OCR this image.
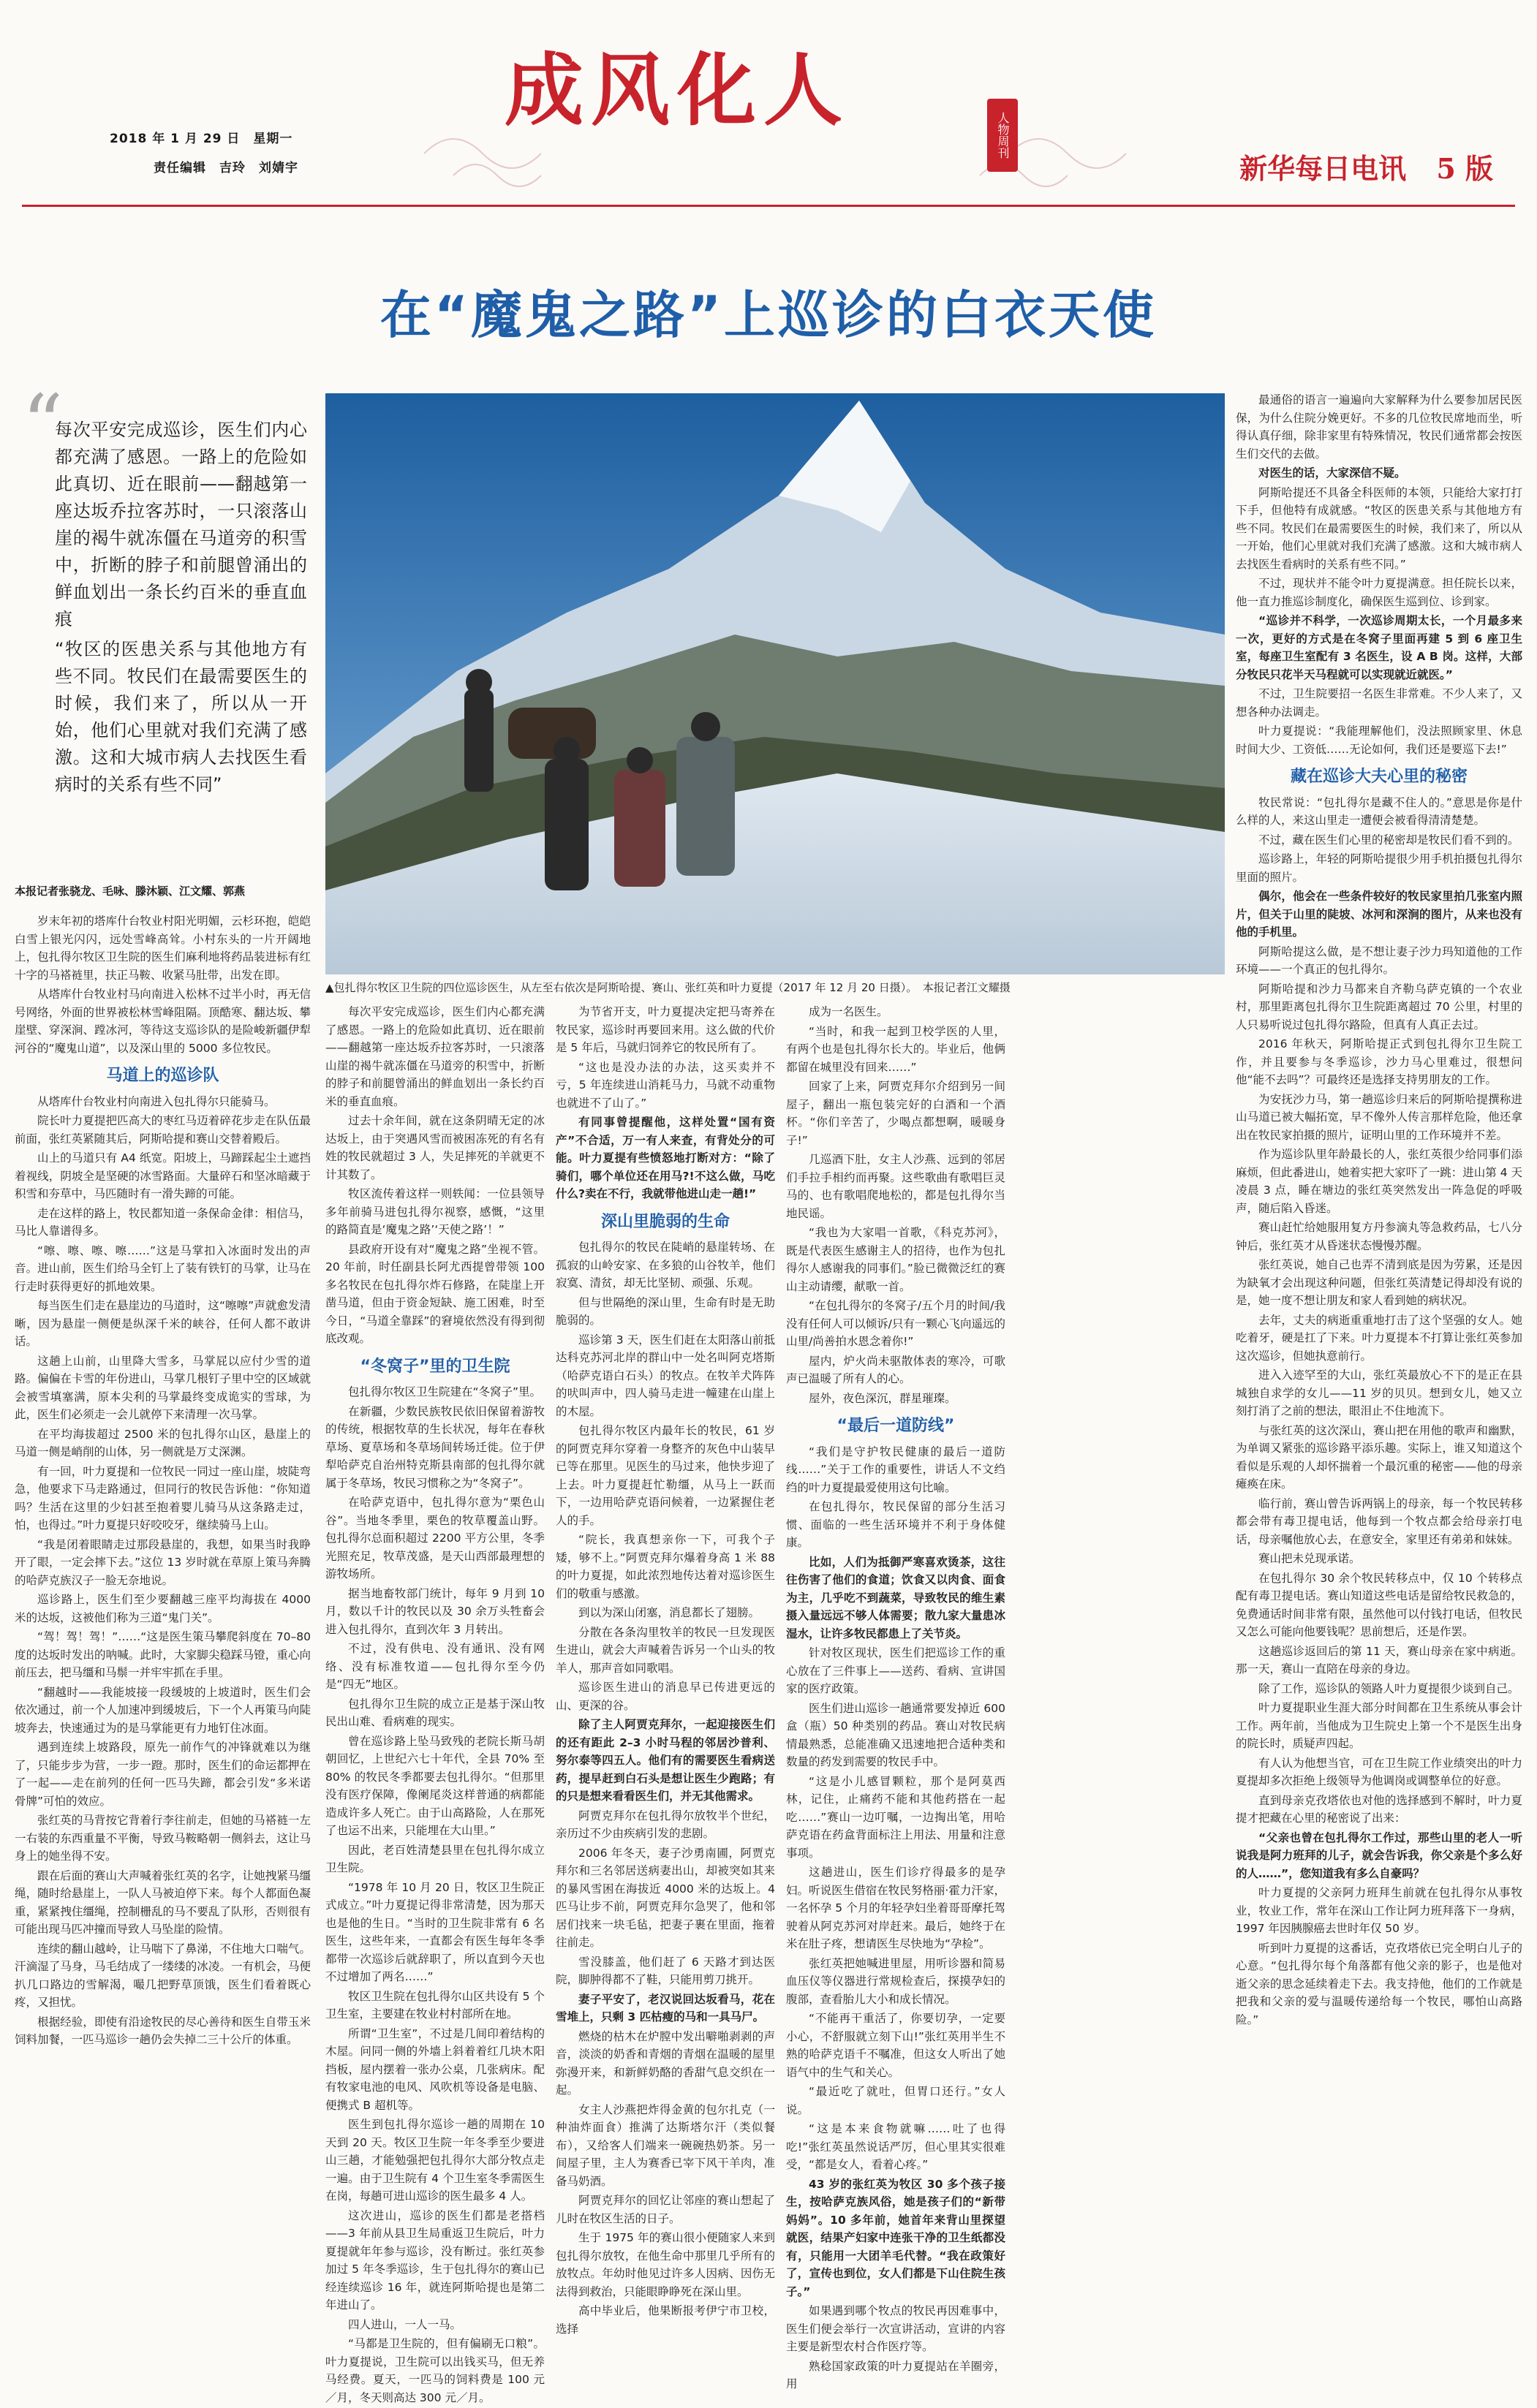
成风化人	人物周刊
2018 年 1 月 29 日　星期一
责任编辑　吉玲　刘婧宇	新华每日电讯 5 版
在“魔鬼之路”上巡诊的白衣天使
“

每次平安完成巡诊，医生们内心都充满了感恩。一路上的危险如此真切、近在眼前——翻越第一座达坂乔拉客苏时，一只滚落山崖的褐牛就冻僵在马道旁的积雪中，折断的脖子和前腿曾涌出的鲜血划出一条长约百米的垂直血痕

“牧区的医患关系与其他地方有些不同。牧民们在最需要医生的时候，我们来了，所以从一开始，他们心里就对我们充满了感激。这和大城市病人去找医生看病时的关系有些不同”

本报记者张骁龙、毛咏、滕沐颖、江文耀、郭燕
▲包扎得尔牧区卫生院的四位巡诊医生，从左至右依次是阿斯哈提、赛山、张红英和叶力夏提（2017 年 12 月 20 日摄）。　本报记者江文耀摄

岁末年初的塔库什台牧业村阳光明媚，云杉环抱，皑皑白雪上银光闪闪，远处雪峰高耸。小村东头的一片开阔地上，包扎得尔牧区卫生院的医生们麻利地将药品装进标有红十字的马褡裢里，扶正马鞍、收紧马肚带，出发在即。

从塔库什台牧业村马向南进入松林不过半小时，再无信号网络，外面的世界被松林雪峰阻隔。顶酷寒、翻达坂、攀崖壁、穿深涧、蹚冰河，等待这支巡诊队的是险峻新疆伊犁河谷的“魔鬼山道”，以及深山里的 5000 多位牧民。

马道上的巡诊队

从塔库什台牧业村向南进入包扎得尔只能骑马。

院长叶力夏提把匹高大的枣红马迈着碎花步走在队伍最前面，张红英紧随其后，阿斯哈提和赛山交替着殿后。

山上的马道只有 A4 纸宽。阳坡上，马蹄踩起尘土遮挡着视线，阴坡全是坚硬的冰雪路面。大量碎石和坚冰暗藏于积雪和夯草中，马匹随时有一滑失蹄的可能。

走在这样的路上，牧民都知道一条保命金律：相信马，马比人靠谱得多。

“嚓、嚓、嚓、嚓……”这是马掌扣入冰面时发出的声音。进山前，医生们给马全钉上了装有铁钉的马掌，让马在行走时获得更好的抓地效果。

每当医生们走在悬崖边的马道时，这“嚓嚓”声就愈发清晰，因为悬崖一侧便是纵深千米的峡谷，任何人都不敢讲话。

这趟上山前，山里降大雪多，马掌屁以应付少雪的道路。偏偏在卡雪的年份进山，马掌几根钉子里中空的区域就会被雪填塞满，原本尖利的马掌最终变成诡实的雪球，为此，医生们必须走一会儿就停下来清理一次马掌。

在平均海拔超过 2500 米的包扎得尔山区，悬崖上的马道一侧是峭削的山体，另一侧就是万丈深渊。

有一回，叶力夏提和一位牧民一同过一座山崖，坡陡弯急，他要求下马走路通过，但同行的牧民告诉他：“你知道吗？生活在这里的少妇甚至抱着婴儿骑马从这条路走过，怕，也得过。”叶力夏提只好咬咬牙，继续骑马上山。

“我是闭着眼睛走过那段悬崖的，我想，如果当时我睁开了眼，一定会摔下去。”这位 13 岁时就在草原上策马奔腾的哈萨克族汉子一脸无奈地说。

巡诊路上，医生们至少要翻越三座平均海拔在 4000 米的达坂，这被他们称为三道“鬼门关”。

“驾！驾！驾！”……“这是医生策马攀爬斜度在 70–80 度的达坂时发出的呐喊。此时，大家脚尖稳踩马镫，重心向前压去，把马缰和马鬃一并牢牢抓在手里。

“翻越时——我能坡接一段缓坡的上坡道时，医生们会依次通过，前一个人加速冲到缓坡后，下一个人再策马向陡坡奔去，快速通过为的是马掌能更有力地钉住冰面。

遇到连续上坡路段，原先一前作气的冲锋就难以为继了，只能步步为营，一步一蹬。那时，医生们的命运都押在了一起——走在前列的任何一匹马失蹄，都会引发“多米诺骨牌”可怕的效应。

张红英的马背按它背着行李往前走，但她的马褡裢一左一右装的东西重量不平衡，导致马鞍略朝一侧斜去，这让马身上的她坐得不安。

跟在后面的赛山大声喊着张红英的名字，让她拽紧马缰绳，随时给悬崖上，一队人马被迫停下来。每个人都面色凝重，紧紧拽住缰绳，控制栅乱的马不要乱了队形，否则很有可能出现马匹冲撞而导致人马坠崖的险情。

连续的翻山越岭，让马喘下了鼻涕，不住地大口喘气。汗滴湿了马身，马毛结成了一缕缕的冰凌。一有机会，马便扒几口路边的雪解渴，嘬几把野草顶饿，医生们看着既心疼，又担忧。

根据经验，即使有沿途牧民的尽心善待和医生自带玉米饲料加餐，一匹马巡诊一趟仍会失掉二三十公斤的体重。

每次平安完成巡诊，医生们内心都充满了感恩。一路上的危险如此真切、近在眼前——翻越第一座达坂乔拉客苏时，一只滚落山崖的褐牛就冻僵在马道旁的积雪中，折断的脖子和前腿曾涌出的鲜血划出一条长约百米的垂直血痕。

过去十余年间，就在这条阴晴无定的冰达坂上，由于突遇风雪而被困冻死的有名有姓的牧民就超过 3 人，失足摔死的羊就更不计其数了。

牧区流传着这样一则轶闻：一位县领导多年前骑马进包扎得尔视察，感慨，“这里的路简直是‘魔鬼之路’‘天使之路’！”

县政府开设有对“魔鬼之路”坐视不管。20 年前，时任副县长阿尤西提曾带领 100 多名牧民在包扎得尔炸石修路，在陡崖上开凿马道，但由于资金短缺、施工困难，时至今日，“马道全靠踩”的窘境依然没有得到彻底改观。

“冬窝子”里的卫生院

包扎得尔牧区卫生院建在“冬窝子”里。

在新疆，少数民族牧民依旧保留着游牧的传统，根据牧草的生长状况，每年在春秋草场、夏草场和冬草场间转场迁徙。位于伊犁哈萨克自治州特克斯县南部的包扎得尔就属于冬草场，牧民习惯称之为“冬窝子”。

在哈萨克语中，包扎得尔意为“栗色山谷”。当地冬季里，栗色的牧草覆盖山野。包扎得尔总面积超过 2200 平方公里，冬季光照充足，牧草茂盛，是天山西部最理想的游牧场所。

据当地畜牧部门统计，每年 9 月到 10 月，数以千计的牧民以及 30 余万头牲畜会进入包扎得尔，直到次年 3 月转出。

不过，没有供电、没有通讯、没有网络、没有标准牧道——包扎得尔至今仍是“四无”地区。

包扎得尔卫生院的成立正是基于深山牧民出山难、看病难的现实。

曾在巡诊路上坠马致残的老院长斯马胡朝回忆，上世纪六七十年代，全县 70% 至 80% 的牧民冬季都要去包扎得尔。“但那里没有医疗保障，像阑尾炎这样普通的病都能造成许多人死亡。由于山高路险，人在那死了也运不出来，只能埋在大山里。”

因此，老百姓清楚县里在包扎得尔成立卫生院。

“1978 年 10 月 20 日，牧区卫生院正式成立。”叶力夏提记得非常清楚，因为那天也是他的生日。“当时的卫生院非常有 6 名医生，这些年来，一直都会有医生每年冬季都带一次巡诊后就辞职了，所以直到今天也不过增加了两名……”

牧区卫生院在包扎得尔山区共设有 5 个卫生室，主要建在牧业村村部所在地。

所谓“卫生室”，不过是几间印着结构的木屋。问同一侧的外墙上斜着着红几块木阳挡板，屋内摆着一张办公桌，几张病床。配有牧家电池的电风、风吹机等设备是电脑、便携式 B 超机等。

医生到包扎得尔巡诊一趟的周期在 10 天到 20 天。牧区卫生院一年冬季至少要进山三趟，才能勉强把包扎得尔大部分牧点走一遍。由于卫生院有 4 个卫生室冬季需医生在岗，每趟可进山巡诊的医生最多 4 人。

这次进山，巡诊的医生们都是老搭档——3 年前从县卫生局重返卫生院后，叶力夏提就年年参与巡诊，没有断过。张红英参加过 5 年冬季巡诊，生于包扎得尔的赛山已经连续巡诊 16 年，就连阿斯哈提也是第二年进山了。

四人进山，一人一马。

“马都是卫生院的，但有偏刷无口粮”。叶力夏提说，卫生院可以出钱买马，但无养马经费。夏天，一匹马的饲料费是 100 元／月，冬天则高达 300 元／月。

为节省开支，叶力夏提决定把马寄养在牧民家，巡诊时再要回来用。这么做的代价是 5 年后，马就归饲养它的牧民所有了。

“这也是没办法的办法，这买卖并不亏，5 年连续进山消耗马力，马就不动重物也就进不了山了。”

有同事曾提醒他，这样处置“国有资产”不合适，万一有人来查，有背处分的可能。叶力夏提有些愤怒地打断对方：“除了骑们，哪个单位还在用马?!不这么做，马吃什么?卖在不行，我就带他进山走一趟!”

深山里脆弱的生命

包扎得尔的牧民在陡峭的悬崖转场、在孤寂的山岭安家、在多狼的山谷牧羊，他们寂寞、清贫，却无比坚韧、顽强、乐观。

但与世隔绝的深山里，生命有时是无助脆弱的。

巡诊第 3 天，医生们赶在太阳落山前抵达科克苏河北岸的群山中一处名叫阿克塔斯（哈萨克语白石头）的牧点。在牧羊犬阵阵的吠叫声中，四人骑马走进一幢建在山崖上的木屋。

包扎得尔牧区内最年长的牧民，61 岁的阿贾克拜尔穿着一身整齐的灰色中山装早已等在那里。见医生的马过来，他快步迎了上去。叶力夏提赶忙勒缰，从马上一跃而下，一边用哈萨克语问候着，一边紧握住老人的手。

“院长，我真想亲你一下，可我个子矮，够不上。”阿贾克拜尔爆着身高 1 米 88 的叶力夏提，如此浓烈地传达着对巡诊医生们的敬重与感激。

到以为深山闭塞，消息都长了翅膀。

分散在各条沟里牧羊的牧民一旦发现医生进山，就会大声喊着告诉另一个山头的牧羊人，那声音如同歌唱。

巡诊医生进山的消息早已传进更远的山、更深的谷。

除了主人阿贾克拜尔，一起迎接医生们的还有距此 2–3 小时马程的邻居沙普利、努尔泰等四五人。他们有的需要医生看病送药，提早赶到白石头是想让医生少跑路；有的只是想来看看医生们，并无其他需求。

阿贾克拜尔在包扎得尔放牧半个世纪，亲历过不少由疾病引发的悲剧。

2006 年冬天，妻子沙勇南圃，阿贾克拜尔和三名邻居送病妻出山，却被突如其来的暴风雪困在海拔近 4000 米的达坂上。4 匹马让步不前，阿贾克拜尔急哭了，他和邻居们找来一块毛毡，把妻子裹在里面，拖着往前走。

雪没膝盖，他们赶了 6 天路才到达医院，脚肿得都不了鞋，只能用剪刀挑开。

妻子平安了，老汉说回达坂看马，花在雪堆上，只剩 3 匹枯瘦的马和一具马尸。

燃烧的枯木在炉膛中发出噼啪剥剥的声音，淡淡的奶香和青烟的青烟在温暖的屋里弥漫开来，和新鲜奶酪的香甜气息交织在一起。

女主人沙燕把炸得金黄的包尔扎克（一种油炸面食）推满了达斯塔尔汗（类似餐布），又给客人们端来一碗碗热奶茶。另一间屋子里，主人为赛香已宰下风干羊肉，准备马奶酒。

阿贾克拜尔的回忆让邻座的赛山想起了儿时在牧区生活的日子。

生于 1975 年的赛山很小便随家人来到包扎得尔放牧，在他生命中那里几乎所有的放牧点。年幼时他见过许多人因病、因伤无法得到救治，只能眼睁睁死在深山里。

高中毕业后，他果断报考伊宁市卫校，选择

成为一名医生。

“当时，和我一起到卫校学医的人里，有两个也是包扎得尔长大的。毕业后，他俩都留在城里没有回来……”

回家了上来，阿贾克拜尔介绍到另一间屋子，翻出一瓶包装完好的白酒和一个酒杯。“你们辛苦了，少喝点都想啊，暖暖身子!”

几巡酒下肚，女主人沙燕、远到的邻居们手拉手相约而再聚。这些歌曲有歌唱巨灵马的、也有歌唱爬地松的，都是包扎得尔当地民谣。

“我也为大家唱一首歌，《科克苏河》，既是代表医生感谢主人的招待，也作为包扎得尔人感谢我的同事们。”脸已微微泛红的赛山主动请缨，献歌一首。

“在包扎得尔的冬窝子/五个月的时间/我没有任何人可以倾诉/只有一颗心飞向遥远的山里/尚善拍水恩念着你!”

屋内，炉火尚未驱散体表的寒冷，可歌声已温暖了所有人的心。

屋外，夜色深沉，群星璀璨。

“最后一道防线”

“我们是守护牧民健康的最后一道防线……”关于工作的重要性，讲话人不文绉绉的叶力夏提最爱使用这句比喻。

在包扎得尔，牧民保留的部分生活习惯、面临的一些生活环境并不利于身体健康。

比如，人们为抵御严寒喜欢烫茶，这往往伤害了他们的食道；饮食又以肉食、面食为主，几乎吃不到蔬菜，导致牧民的维生素摄入量远远不够人体需要；散九家大量患冰湿水，让许多牧民都患上了关节炎。

针对牧区现状，医生们把巡诊工作的重心放在了三件事上——送药、看病、宣讲国家的医疗政策。

医生们进山巡诊一趟通常要发掉近 600 盒（瓶）50 种类别的药品。赛山对牧民病情最熟悉，总能准确又迅速地把合适种类和数量的药发到需要的牧民手中。

“这是小儿感冒颗粒，那个是阿莫西林，记住，止痛药不能和其他药搭在一起吃……”赛山一边叮嘱，一边掏出笔，用哈萨克语在药盒背面标注上用法、用量和注意事项。

这趟进山，医生们诊疗得最多的是孕妇。听说医生借宿在牧民努格丽·霍力汗家，一名怀孕 5 个月的年轻孕妇坐着哥哥摩托驾驶着从阿克苏河对岸赶来。最后，她终于在米在肚子疼，想请医生尽快地为“孕检”。

张红英把她喊进里屋，用听诊器和简易血压仪等仪器进行常规检查后，探摸孕妇的腹部，查看胎儿大小和成长情况。

“不能再干重活了，你要切孕，一定要小心，不舒服就立刻下山!”张红英用半生不熟的哈萨克语千不嘱准，但这女人听出了她语气中的生气和关心。

“最近吃了就吐，但胃口还行。”女人说。

“这是本来食物就嘛……吐了也得吃!”张红英虽然说话严厉，但心里其实很难受，“都是女人，看着心疼。”

43 岁的张红英为牧区 30 多个孩子接生，按哈萨克族风俗，她是孩子们的“新带妈妈”。10 多年前，她首年来背山里探望就医，结果产妇家中连张干净的卫生纸都没有，只能用一大团羊毛代替。“我在政策好了，宣传也到位，女人们都是下山住院生孩子。”

如果遇到哪个牧点的牧民再因难事中，医生们便会举行一次宣讲活动，宣讲的内容主要是新型农村合作医疗等。

熟稔国家政策的叶力夏提站在羊圈旁，用

最通俗的语言一遍遍向大家解释为什么要参加居民医保，为什么住院分娩更好。不多的几位牧民席地而坐，听得认真仔细，除非家里有特殊情况，牧民们通常都会按医生们交代的去做。

对医生的话，大家深信不疑。

阿斯哈提还不具备全科医师的本领，只能给大家打打下手，但他特有成就感。“牧区的医患关系与其他地方有些不同。牧民们在最需要医生的时候，我们来了，所以从一开始，他们心里就对我们充满了感激。这和大城市病人去找医生看病时的关系有些不同。”

不过，现状并不能令叶力夏提满意。担任院长以来，他一直力推巡诊制度化，确保医生巡到位、诊到家。

“巡诊并不科学，一次巡诊周期太长，一个月最多来一次，更好的方式是在冬窝子里面再建 5 到 6 座卫生室，每座卫生室配有 3 名医生，设 A B 岗。这样，大部分牧民只花半天马程就可以实现就近就医。”

不过，卫生院要招一名医生非常难。不少人来了，又想各种办法调走。

叶力夏提说：“我能理解他们，没法照顾家里、休息时间大少、工资低……无论如何，我们还是要巡下去!”

藏在巡诊大夫心里的秘密

牧民常说：“包扎得尔是藏不住人的。”意思是你是什么样的人，来这山里走一遭便会被看得清清楚楚。

不过，藏在医生们心里的秘密却是牧民们看不到的。

巡诊路上，年轻的阿斯哈提很少用手机拍摄包扎得尔里面的照片。

偶尔，他会在一些条件较好的牧民家里拍几张室内照片，但关于山里的陡坡、冰河和深涧的图片，从来也没有他的手机里。

阿斯哈提这么做，是不想让妻子沙力玛知道他的工作环境——一个真正的包扎得尔。

阿斯哈提和沙力马都来自齐勒乌萨克镇的一个农业村，那里距离包扎得尔卫生院距离超过 70 公里，村里的人只易听说过包扎得尔路险，但真有人真正去过。

2016 年秋天，阿斯哈提正式到包扎得尔卫生院工作，并且要参与冬季巡诊，沙力马心里难过，很想问他“能不去吗”？可最终还是选择支持男朋友的工作。

为安抚沙力马，第一趟巡诊归来后的阿斯哈提撰称进山马道已被大幅拓宽，早不像外人传言那样危险，他还拿出在牧民家拍摄的照片，证明山里的工作环境并不差。

作为巡诊队里年龄最长的人，张红英很少给同事们添麻烦，但此番进山，她着实把大家吓了一跳：进山第 4 天凌晨 3 点，睡在塘边的张红英突然发出一阵急促的呼吸声，随后陷入昏迷。

赛山赶忙给她服用复方丹参滴丸等急救药品，七八分钟后，张红英才从昏迷状态慢慢苏醒。

张红英说，她自己也弄不清到底是因为劳累，还是因为缺氧才会出现这种问题，但张红英清楚记得却没有说的是，她一度不想让朋友和家人看到她的病状况。

去年，丈夫的病逝重重地打击了这个坚强的女人。她吃着牙，硬是扛了下来。叶力夏提本不打算让张红英参加这次巡诊，但她执意前行。

进入入迹罕至的大山，张红英最放心不下的是正在县城独自求学的女儿——11 岁的贝贝。想到女儿，她又立刻打消了之前的想法，眼泪止不住地流下。

与张红英的这次深山，赛山把在用他的歌声和幽默，为单调又紧张的巡诊路平添乐趣。实际上，谁又知道这个看似是乐观的人却怀揣着一个最沉重的秘密——他的母亲瘫痪在床。

临行前，赛山曾告诉两锅上的母亲，每一个牧民转移都会带有毒卫提电话，他每到一个牧点都会给母亲打电话，母亲嘱他放心去，在意安全，家里还有弟弟和妹妹。

赛山把未兑现承诺。

在包扎得尔 30 余个牧民转移点中，仅 10 个转移点配有毒卫提电话。赛山知道这些电话是留给牧民救急的，免费通话时间非常有限，虽然他可以付钱打电话，但牧民又怎么可能向他要钱呢？思前想后，还是作罢。

这趟巡诊返回后的第 11 天，赛山母亲在家中病逝。那一天，赛山一直陪在母亲的身边。

除了工作，巡诊队的领路人叶力夏提很少谈到自己。

叶力夏提职业生涯大部分时间都在卫生系统从事会计工作。两年前，当他成为卫生院史上第一个不是医生出身的院长时，质疑声四起。

有人认为他想当官，可在卫生院工作业绩突出的叶力夏提却多次拒绝上级领导为他调岗或调整单位的好意。

直到母亲克孜塔依也对他的选择感到不解时，叶力夏提才把藏在心里的秘密说了出来：

“父亲也曾在包扎得尔工作过，那些山里的老人一听说我是阿力班拜的儿子，就会告诉我，你父亲是个多么好的人……”，您知道我有多么自豪吗？

叶力夏提的父亲阿力班拜生前就在包扎得尔从事牧业，牧业工作，常年在深山工作让阿力班拜落下一身病，1997 年因胰腺癌去世时年仅 50 岁。

听到叶力夏提的这番话，克孜塔依已完全明白儿子的心意。“包扎得尔每个角落都有他父亲的影子，也是他对逝父亲的思念延续着走下去。我支持他，他们的工作就是把我和父亲的爱与温暖传递给每一个牧民，哪怕山高路险。”
